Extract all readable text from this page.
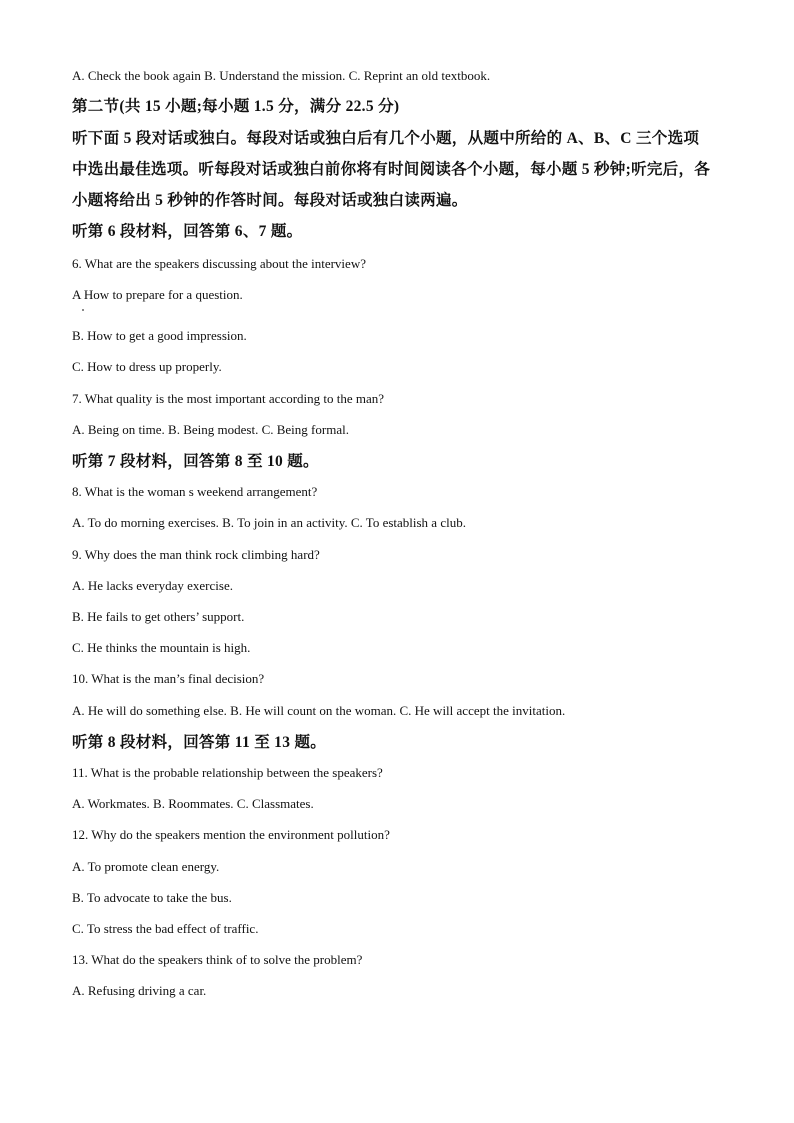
A. Check the book again B. Understand the mission. C. Reprint an old textbook.
第二节(共 15 小题;每小题 1.5 分，满分 22.5 分)
听下面 5 段对话或独白。每段对话或独白后有几个小题，从题中所给的 A、B、C 三个选项
中选出最佳选项。听每段对话或独白前你将有时间阅读各个小题，每小题 5 秒钟;听完后，各
小题将给出 5 秒钟的作答时间。每段对话或独白读两遍。
听第 6 段材料，回答第 6、7 题。
6. What are the speakers discussing about the interview?
A How to prepare for a question.
B. How to get a good impression.
C. How to dress up properly.
7. What quality is the most important according to the man?
A. Being on time. B. Being modest. C. Being formal.
听第 7 段材料，回答第 8 至 10 题。
8. What is the woman s weekend arrangement?
A. To do morning exercises. B. To join in an activity. C. To establish a club.
9. Why does the man think rock climbing hard?
A. He lacks everyday exercise.
B. He fails to get others’ support.
C. He thinks the mountain is high.
10. What is the man’s final decision?
A. He will do something else. B. He will count on the woman. C. He will accept the invitation.
听第 8 段材料，回答第 11 至 13 题。
11. What is the probable relationship between the speakers?
A. Workmates. B. Roommates. C. Classmates.
12. Why do the speakers mention the environment pollution?
A. To promote clean energy.
B. To advocate to take the bus.
C. To stress the bad effect of traffic.
13. What do the speakers think of to solve the problem?
A. Refusing driving a car.
